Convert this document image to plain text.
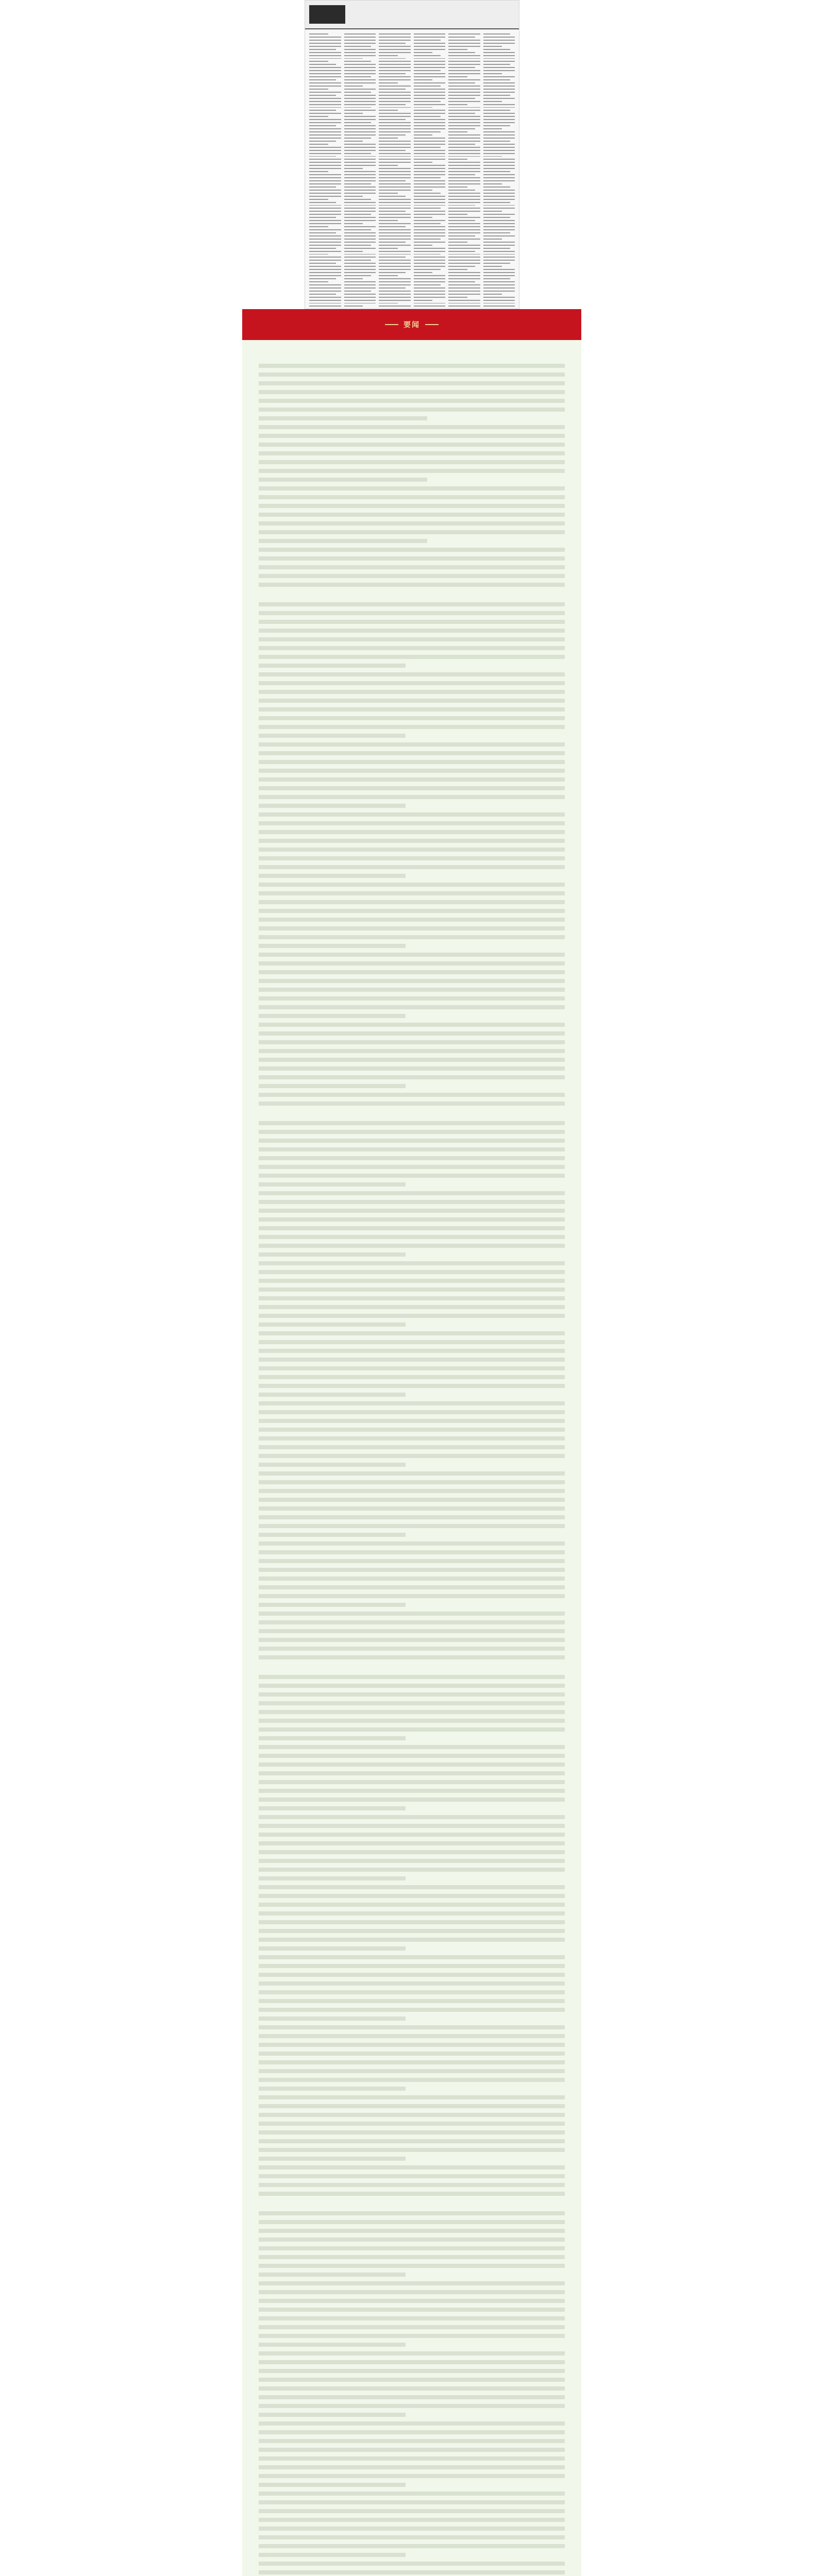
要闻
